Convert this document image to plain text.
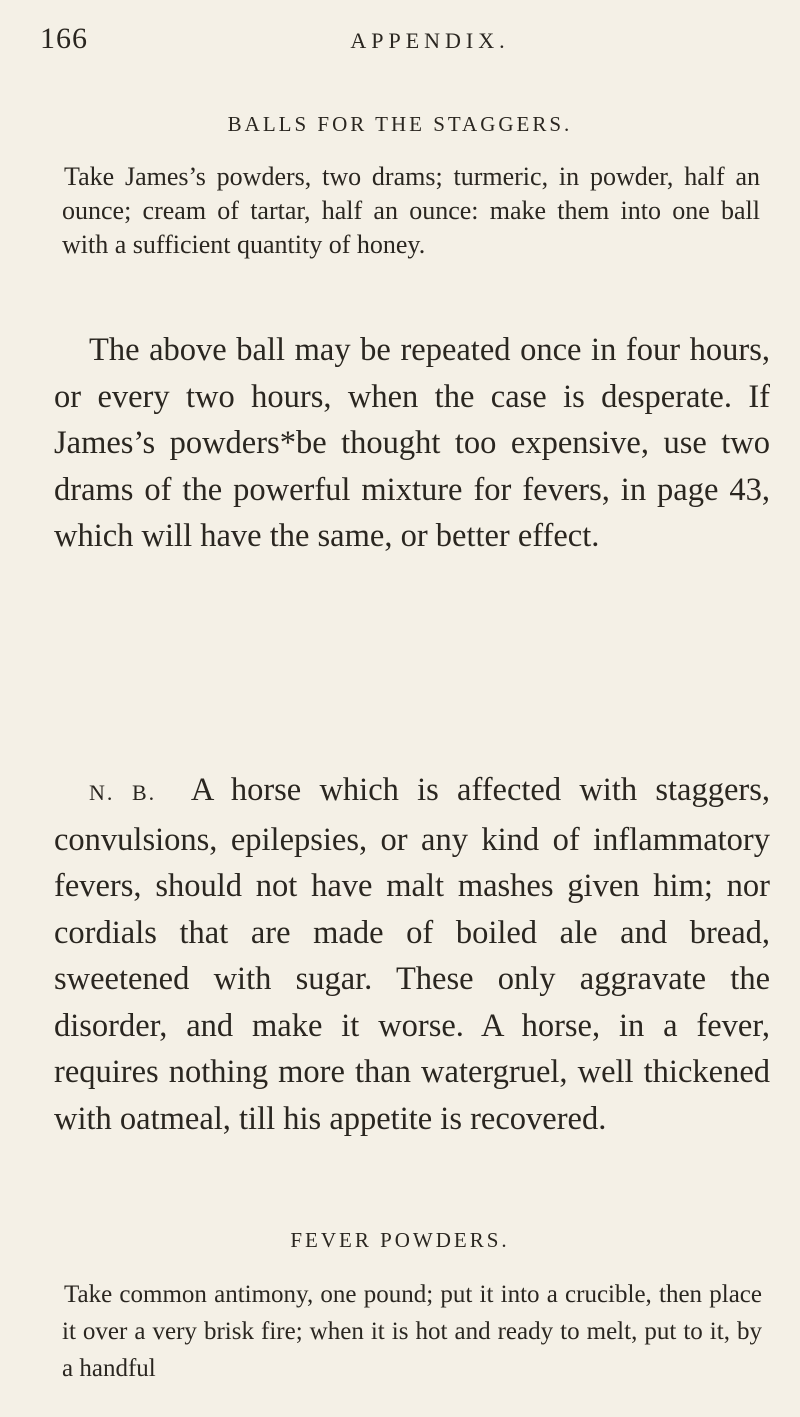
166	APPENDIX.
BALLS FOR THE STAGGERS.

Take James’s powders, two drams; turmeric, in powder, half an ounce; cream of tartar, half an ounce: make them into one ball with a sufficient quantity of honey.

The above ball may be repeated once in four hours, or every two hours, when the case is desperate. If James’s powders*be thought too expensive, use two drams of the powerful mixture for fevers, in page 43, which will have the same, or better effect.

N. B. A horse which is affected with staggers, convulsions, epilepsies, or any kind of inflammatory fevers, should not have malt mashes given him; nor cordials that are made of boiled ale and bread, sweetened with sugar. These only aggravate the disorder, and make it worse. A horse, in a fever, requires nothing more than watergruel, well thickened with oatmeal, till his appetite is recovered.

FEVER POWDERS.

Take common antimony, one pound; put it into a crucible, then place it over a very brisk fire; when it is hot and ready to melt, put to it, by a handful
